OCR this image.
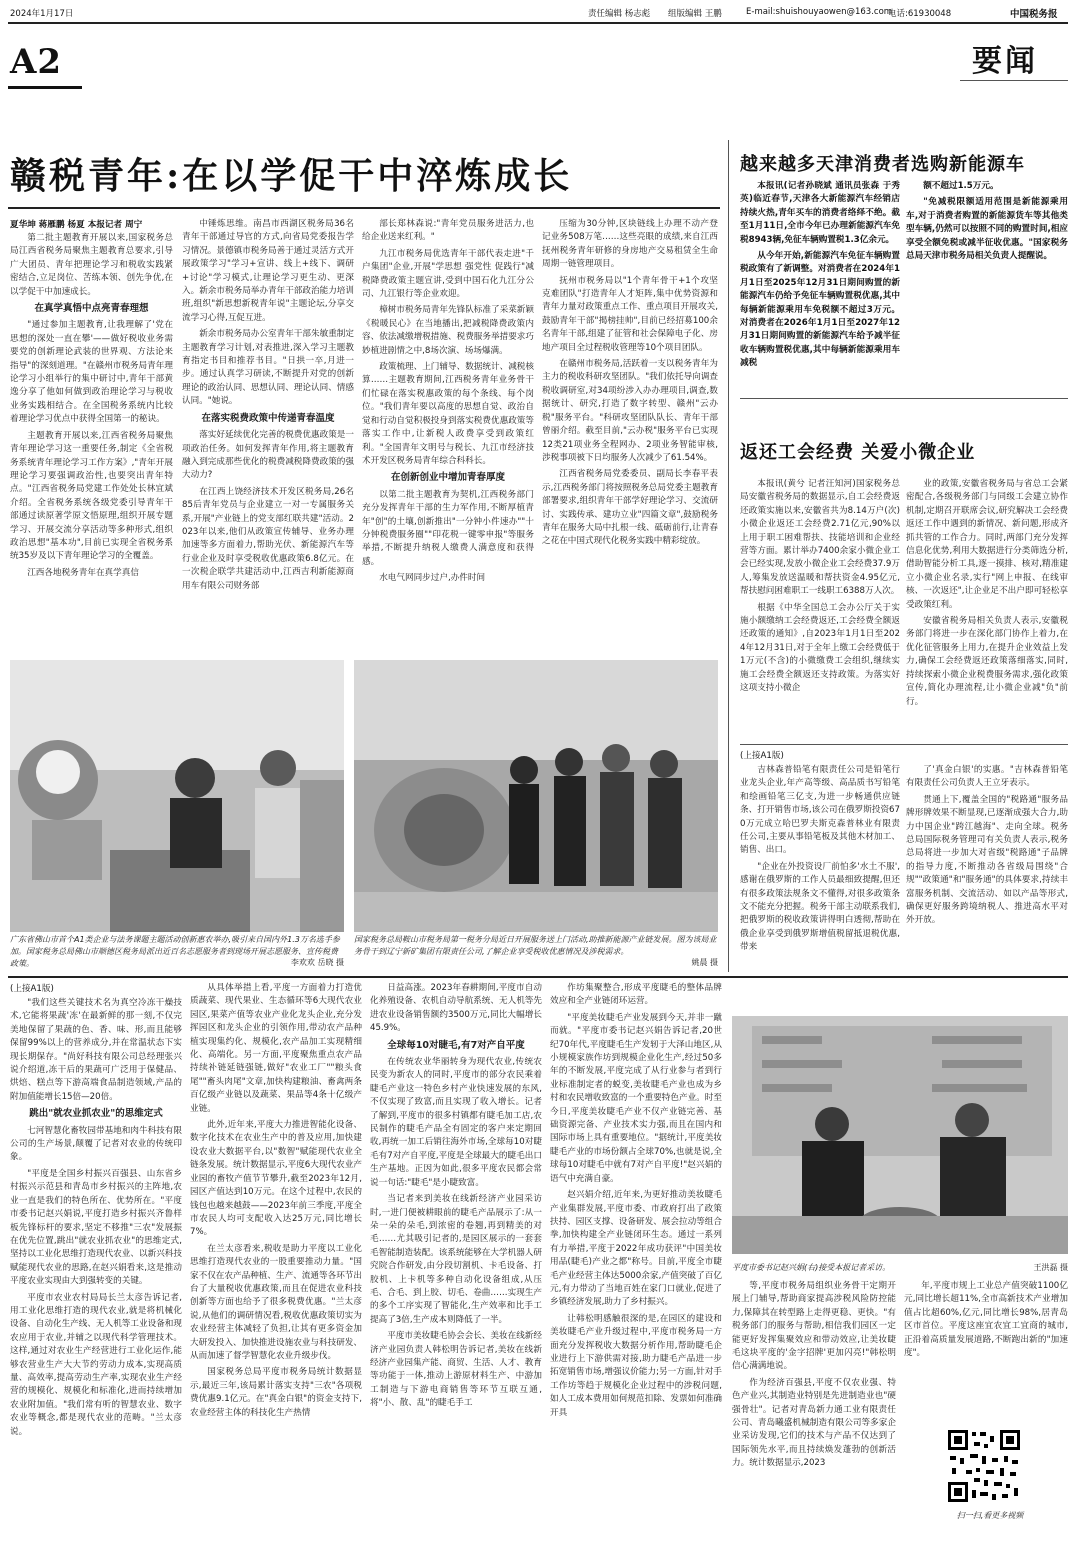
2024年1月17日	责任编辑 杨志彪 组版编辑 王鹏	E-mail:shuishouyaowen@163.com
电话:61930048	中国税务报
A2	要闻
赣税青年:在以学促干中淬炼成长
夏华坤 蒋雁鹏 杨夏 本报记者 周宁

第二批主题教育开展以来,国家税务总局江西省税务局聚焦主题教育总要求,引导广大团员、青年把理论学习和税收实践紧密结合,立足岗位、苦练本领、创先争优,在以学促干中加速成长。

在真学真悟中点亮青春理想

"通过参加主题教育,让我理解了'党在思想的深处一直在攀'——做好税收业务需要党的创新理论武装的世界观、方法论来指导"的深刻道理。"在赣州市税务局青年理论学习小组举行的集中研讨中,青年干部黄逸分享了他如何做到政治理论学习与税收业务实践相结合。在全国税务系统内比较着理论学习优点中获得全国第一的秘诀。

主题教育开展以来,江西省税务局聚焦青年理论学习这一重要任务,制定《全省税务系统青年理论学习工作方案》,"青年开展理论学习要强调政治性,也要突出青年特点。"江西省税务局党建工作处处长林宜斌介绍。全省税务系统各级党委引导青年干部通过读原著学原文悟原理,组织开展专题学习、开展交流分享活动等多种形式,组织政治思想"基本功",目前已实现全省税务系统35岁及以下青年理论学习的全覆盖。

江西各地税务青年在真学真信

中锤炼思维。南昌市西湖区税务局36名青年干部通过导官的方式,向省局党委报告学习情况。景德镇市税务局善于通过灵活方式开展政策学习"学习+宣讲、线上+线下、调研+讨论"学习模式,让理论学习更生动、更深入。新余市税务局举办青年干部政治能力培训班,组织"新思想新税青年说"主题论坛,分享交流学习心得,互促互进。

新余市税务局办公室青年干部朱敏重制定主题教育学习计划,对表推进,深入学习主题教育指定书目和推荐书目。"日拱一卒,月进一步。通过认真学习研读,不断提升对党的创新理论的政治认同、思想认同、理论认同、情感认同。"她说。

在落实税费政策中传递青春温度

落实好延续优化完善的税费优惠政策是一项政治任务。如何发挥青年作用,将主题教育融入到完成那些优化的税费减税降费政策的强大动力?

在江西上饶经济技术开发区税务局,26名85后青年党员与企业建立一对一专属服务关系,开展"产业链上的党支部红联共建"活动。2023年以来,他们从政策宣传辅导、业务办理加速等多方面着力,帮助光伏、新能源汽车等行业企业及时享受税收优惠政策6.8亿元。在一次税企联学共建活动中,江西吉利新能源商用车有限公司财务部

部长郑林森说:"青年党员服务进活力,也给企业送来红利。"

九江市税务局优选青年干部代表走进"千户集团"企业,开展"学思想 强党性 促践行"减税降费政策主题宣讲,受到中国石化九江分公司、九江银行等企业欢迎。

樟树市税务局青年先锋队标准了采菜新颖《税暖民心》在当地播出,把减税降费政策内容、依法减缴增税措施、税费服务举措要求巧妙植进剧情之中,8场次演、场场爆满。

政策梳理、上门辅导、数据统计、减税核算……主题教育期间,江西税务青年业务骨干们忙碌在落实税惠政策的每个条线、每个岗位。"我们青年要以高度的思想自觉、政治自觉和行动自觉积极投身到落实税费优惠政策等落实工作中,让新税人政费享受到政策红利。"全国青年文明号与税长、九江市经济技术开发区税务局青年综合科科长。

在创新创业中增加青春厚度

以第二批主题教育为契机,江西税务部门充分发挥青年干部的生力军作用,不断厚植青年"创"的土壤,创新推出"一分钟小件速办""十分钟税费服务圈""印花税一键零申报"等服务举措,不断提升纳税人缴费人满意度和获得感。

水电气网同步过户,办件时间

压缩为30分钟,区块链线上办理不动产登记业务508万笔……这些亮眼的成绩,来自江西抚州税务青年研修的身房地产交易租赁全生命周期一链管理项目。

抚州市税务局以"1个青年骨干+1个攻坚克难团队"打造青年人才矩阵,集中优势资源和青年力量对政策重点工作、重点项目开展攻关,鼓励青年干部"揭榜挂帅",目前已经招募100余名青年干部,组建了征管和社会保障电子化、房地产项目全过程税收管理等10个项目团队。

在赣州市税务局,活跃着一支以税务青年为主力的税收科研攻坚团队。"我们依托导向调查税收调研室,对34项纷涉入办办理项目,调查,数据统计、研究,打造了数字转型、赣州"云办税"服务平台。"科研攻坚团队队长、青年干部曾丽介绍。截至目前,"云办税"服务平台已实现12类21项业务全程网办、2项业务智能审核,涉税事项被下日均服务人次减少了61.54%。

江西省税务局党委委员、副局长李春平表示,江西税务部门将按照税务总局党委主题教育部署要求,组织青年干部学好理论学习、交流研讨、实践传承、建功立业"四篇文章",鼓励税务青年在服务大局中扎根一线、砥砺前行,让青春之花在中国式现代化税务实践中精彩绽放。

广东省佛山市首个A1类企业与法务课题主题活动创新惠农举办,吸引来自国内外1.3万名选手参加。国家税务总局佛山市顺德区税务局派出近百名志愿服务者到现场开展志愿服务、宣传税费政策。	李欢欢 岳晓 摄
国家税务总局鞍山市税务局第一税务分局近日开展服务送上门活动,助推新能源产业链发展。图为该局业务骨干到辽宁新矿集团有限责任公司,了解企业享受税收优惠情况及涉税需求。
姚晨 摄
越来越多天津消费者选购新能源车

本报讯(记者孙晓斌 通讯员张森 于秀英)临近春节,天津各大新能源汽车经销店持续火热,青年买车的消费者络绎不绝。截至1月11日,全市今年已办理新能源汽车免税8943辆,免征车辆购置税1.3亿余元。

从今年开始,新能源汽车免征车辆购置税政策有了新调整。对消费者在2024年1月1日至2025年12月31日期间购置的新能源汽车仍给予免征车辆购置税优惠,其中每辆新能源乘用车免税额不超过3万元。对消费者在2026年1月1日至2027年12月31日期间购置的新能源汽车给予减半征收车辆购置税优惠,其中每辆新能源乘用车减税

额不超过1.5万元。

"免减税限额适用范围是新能源乘用车,对于消费者购置的新能源货车等其他类型车辆,仍然可以按照不同的购置时间,相应享受全额免税或减半征收优惠。"国家税务总局天津市税务局相关负责人提醒说。

返还工会经费 关爱小微企业

本报讯(黄兮 记者汪知河)国家税务总局安徽省税务局的数据显示,自工会经费返还政策实施以来,安徽省共为8.14万户(次)小微企业返还工会经费2.71亿元,90%以上用于职工困难帮扶、技能培训和企业经营等方面。累计举办7400余家小微企业工会已经实现,发放小微企业工会经费37.9万人,筹集发放送温暖和帮扶资金4.95亿元,帮扶慰问困难职工一线职工6388万人次。

根据《中华全国总工会办公厅关于实施小额缴纳工会经费返还,工会经费全额返还政策的通知》,自2023年1月1日至2024年12月31日,对于全年上缴工会经费低于1万元(不含)的小微缴费工会组织,继续实施工会经费全额返还支持政策。为落实好这项支持小微企

业的政策,安徽省税务局与省总工会紧密配合,各级税务部门与同级工会建立协作机制,定期召开联席会议,研究解决工会经费返还工作中遇到的新情况、新问题,形成齐抓共管的工作合力。同时,两部门充分发挥信息化优势,利用大数据进行分类筛选分析,借助智能分析工具,逐一摸排、核对,精准建立小微企业名录,实行"网上申报、在线审核、一次返还",让企业足不出户即可轻松享受政策红利。

安徽省税务局相关负责人表示,安徽税务部门将进一步在深化部门协作上着力,在优化征管服务上用力,在提升企业效益上发力,确保工会经费返还政策落细落实,同时,持续探索小微企业税费服务需求,强化政策宣传,简化办理流程,让小微企业减"负"前行。

(上接A1版)

吉林森普铅笔有限责任公司是铅笔行业龙头企业,年产高等级、高品质书写铅笔和绘画铅笔三亿支,为进一步畅通供应链条、打开销售市场,该公司在俄罗斯投资670万元成立哈巴罗夫斯克森普林业有限责任公司,主要从事铅笔板及其他木材加工、销售、出口。

"企业在外投资设厂前怕多'水土不服',感谢在俄罗斯的工作人员最细致提醒,但还有很多政策法规条文不懂得,对很多政策条文不能充分把握。税务干部主动联系我们,把俄罗斯的税收政策讲得明白透彻,帮助在俄企业享受到俄罗斯增值税留抵退税优惠,带来

了'真金白银'的实惠。"吉林森普铅笔有限责任公司负责人王立牙表示。

贯通上下,覆盖全国的"税路通"服务品牌形牌效果不断显现,已逐渐成强大合力,助力中国企业"跨江越海"、走向全球。税务总局国际税务管理司有关负责人表示,税务总局将进一步加大对省级"税路通"子品牌的指导力度,不断推动各省级局围绕"合规""政策通"和"服务通"的具体要求,持续丰富服务机制、交流活动、如以产品等形式,确保更好服务跨境纳税人、推进高水平对外开放。

(上接A1版)

"我们这些关键技术名为真空冷冻干燥技术,它能将果蔬'冻'在最新鲜的那一刻,不仅完美地保留了果蔬的色、香、味、形,而且能够保留99%以上的营养成分,并在常温状态下实现长期保存。"尚好科技有限公司总经理张兴说介绍道,冻干后的果蔬可广泛用于保健品、烘焙、糕点等下游高端食品制造领域,产品的附加值能增长15倍—20倍。

跳出"就农业抓农业"的思维定式

七河智慧化畜牧园带基地和肉牛科技有限公司的生产场景,颠覆了记者对农业的传统印象。

"平度是全国乡村振兴百强县、山东省乡村振兴示范县和青岛市乡村振兴的主阵地,农业一直是我们的特色所在、优势所在。"平度市委书记赵兴娟说,平度打造乡村振兴齐鲁样板先锋标杆的要求,坚定不移推"三农"发展振在优先位置,跳出"就农业抓农业"的思维定式,坚持以工业化思维打造现代农业、以新兴科技赋能现代农业的思路,在赵兴娟看来,这是推动平度农业实现由大到强转变的关键。

平度市农业农村局局长兰太彦告诉记者,用工业化思维打造的现代农业,就是将机械化设备、自动化生产线、无人机等工业设备和现农应用于农业,并辅之以现代科学管理技术。这样,通过对农业生产经营进行工业化运作,能够农营业生产大大节约劳动力成本,实现高质量、高效率,提高劳动生产率,实现农业生产经营的规模化、规模化和标准化,进而持续增加农业附加值。"我们常有听的智慧农业、数字农业等概念,都是现代农业的范畴。"兰太彦说。

从具体举措上看,平度一方面着力打造优质蔬菜、现代果业、生态循环等6大现代农业园区,果菜产值等农业产业化龙头企业,充分发挥园区和龙头企业的引领作用,带动农产品种植实现集约化、规模化,农产品加工实现精细化、高端化。另一方面,平度聚焦重点农产品持续补链延链强链,做好"农业工厂""粮头食尾""畜头肉尾"文章,加快构建粮油、畜禽两条百亿级产业链以及蔬菜、果品等4条十亿级产业链。

此外,近年来,平度大力推进智能化设备、数字化技术在农业生产中的普及应用,加快建设农业大数据平台,以"数智"赋能现代农业全链条发展。统计数据显示,平度6大现代农业产业园的畜牧产值节节攀升,截至2023年12月,园区产值达到10万元。在这个过程中,农民的钱包也越来越鼓——2023年前三季度,平度全市农民人均可支配收入达25万元,同比增长7%。

在兰太彦看来,税收是助力平度以工业化思维打造现代农业的一股重要推动力量。"国家不仅在农产品种植、生产、流通等各环节出台了大量税收优惠政策,而且在促进农业科技创新等方面也给予了很多税费优惠。"兰太彦说,从他们的调研情况看,税收优惠政策切实为农业经营主体减轻了负担,让其有更多资金加大研发投入、加快推进设施农业与科技研发、从而加速了督学智慧化农业升级步伐。

国家税务总局平度市税务局统计数据显示,最近三年,该局累计落实支持"三农"各项税费优惠9.1亿元。在"真金白银"的资金支持下,农业经营主体的科技化生产热情

日益高涨。2023年春耕期间,平度市自动化养殖设备、农机自动导航系统、无人机等先进农业设备销售额约3500万元,同比大幅增长45.9%。

全球每10对睫毛,有7对产自平度

在传统农业华丽转身为现代农业,传统农民变为新农人的同时,平度市的部分农民乘着睫毛产业这一特色乡村产业快速发展的东风,不仅实现了致富,而且实现了收入增长。记者了解到,平度市的很多村镇都有睫毛加工店,农民制作的睫毛产品全有固定的客户来定期回收,再统一加工后销往海外市场,全球每10对睫毛有7对产自平度,平度是全球最大的睫毛出口生产基地。正因为如此,很多平度农民都会常说一句话:"睫毛"是小睫致富。

当记者来到美妆在线新经济产业园采访时,一进门便被耕眼前的睫毛产品展示了:从一朵一朵的朵毛,到浓密的卷翘,再到精美的对毛……尤其吸引记者的,是园区展示的一套套毛智能制造装配。该系统能够在大学机器人研究院合作研发,由分段切割机、卡毛设备、打胶机、上卡机等多种自动化设备组成,从压毛、合毛、到上胶、切毛、卷曲……实现生产的多个工序实现了智能化,生产效率和比手工提高了3倍,生产成本则降低了一半。

平度市美妆睫毛协会会长、美妆在线新经济产业园负责人韩松明告诉记者,美妆在线新经济产业园集产能、商贸、生活、人才、教育等功能于一体,推动上游原材料生产、中游加工制造与下游电商销售等环节互联互通,将"小、散、乱"的睫毛手工

作坊集聚整合,形成平度睫毛的整体品牌效应和全产业链闭环运营。

"平度美妆睫毛产业发展到今天,并非一蹴而就。"平度市委书记赵兴娟告诉记者,20世纪70年代,平度睫毛生产发轫于大泽山地区,从小规模家族作坊到规模企业化生产,经过50多年的不断发展,平度完成了从行业参与者到行业标准制定者的蜕变,美妆睫毛产业也成为乡村和农民增收致富的一个重要特色产业。时至今日,平度美妆睫毛产业不仅产业链完善、基础资源完备、产业技术实力强,而且在国内和国际市场上具有重要地位。"据统计,平度美妆睫毛产业的市场份额占全球70%,也就是说,全球每10对睫毛中就有7对产自平度!"赵兴娟的语气中充满自豪。

赵兴娟介绍,近年来,为更好推动美妆睫毛产业集群发展,平度市委、市政府打出了政策扶持、园区支撑、设备研发、展会拉动等组合拳,加快构建全产业链闭环生态。通过一系列有力举措,平度于2022年成功获评"中国美妆用品(睫毛)产业之都"称号。目前,平度全市睫毛产业经营主体达5000余家,产值突破了百亿元,有力带动了当地百姓在家门口就业,促进了乡镇经济发展,助力了乡村振兴。

让韩松明感触很深的是,在园区的建设和美妆睫毛产业升级过程中,平度市税务局一方面充分发挥税收大数据分析作用,帮助睫毛企业进行上下游供需对接,助力睫毛产品进一步拓宽销售市场,增强议价能力;另一方面,针对手工作坊等趋于规模化企业过程中的涉税问题,如人工成本费用如何规范扣除、发票如何准确开具

平度市委书记赵兴娟(右)接受本报记者采访。	王洪磊 摄

等,平度市税务局组织业务骨干定期开展上门辅导,帮助商家提高涉税风险防控能力,保障其在转型路上走得更稳、更快。"有税务部门的服务与帮助,相信我们园区一定能更好发挥集聚效应和带动效应,让美妆睫毛这块平度的'金字招牌'更加闪亮!"韩松明信心满满地说。

作为经济百强县,平度不仅农业强、特色产业兴,其制造业特别是先进制造业也"硬强骨壮"。记者对青岛新力通工业有限责任公司、青岛曦盛机械制造有限公司等多家企业采访发现,它们的技术与产品不仅达到了国际领先水平,而且持续焕发蓬勃的创新活力。统计数据显示,2023

年,平度市规上工业总产值突破1100亿元,同比增长超11%,全市高新技术产业增加值占比超60%,亿元,同比增长98%,居青岛区市首位。平度这座宜农宜工宜商的城市,正沿着高质量发展道路,不断跑出新的"加速度"。

扫一扫,看更多视频
